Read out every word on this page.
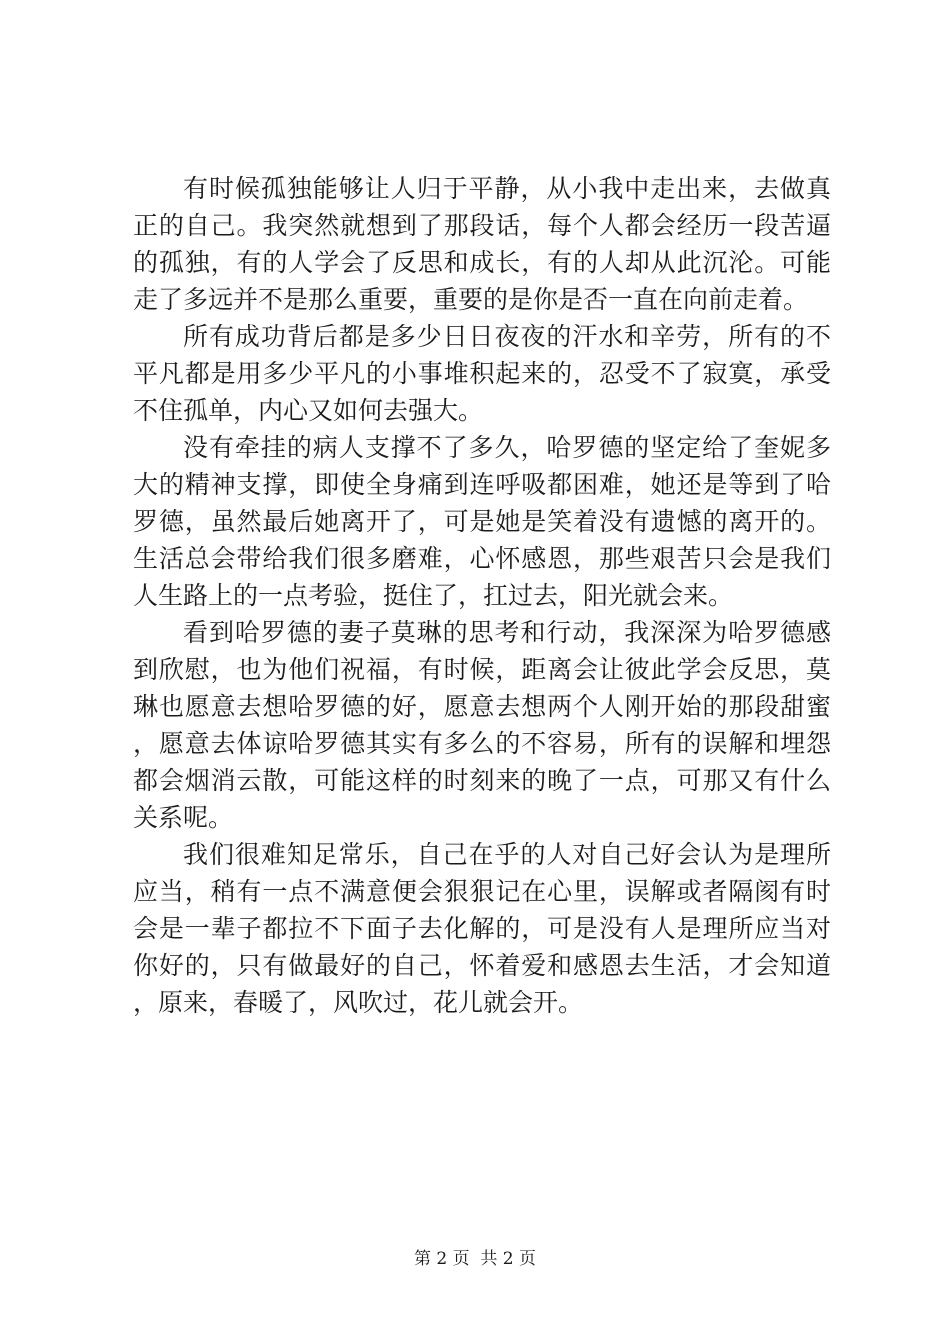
有时候孤独能够让人归于平静，从小我中走出来，去做真正的自己。我突然就想到了那段话，每个人都会经历一段苦逼的孤独，有的人学会了反思和成长，有的人却从此沉沦。可能走了多远并不是那么重要，重要的是你是否一直在向前走着。

所有成功背后都是多少日日夜夜的汗水和辛劳，所有的不平凡都是用多少平凡的小事堆积起来的，忍受不了寂寞，承受不住孤单，内心又如何去强大。

没有牵挂的病人支撑不了多久，哈罗德的坚定给了奎妮多大的精神支撑，即使全身痛到连呼吸都困难，她还是等到了哈罗德，虽然最后她离开了，可是她是笑着没有遗憾的离开的。生活总会带给我们很多磨难，心怀感恩，那些艰苦只会是我们人生路上的一点考验，挺住了，扛过去，阳光就会来。

看到哈罗德的妻子莫琳的思考和行动，我深深为哈罗德感到欣慰，也为他们祝福，有时候，距离会让彼此学会反思，莫琳也愿意去想哈罗德的好，愿意去想两个人刚开始的那段甜蜜，愿意去体谅哈罗德其实有多么的不容易，所有的误解和埋怨都会烟消云散，可能这样的时刻来的晚了一点，可那又有什么关系呢。

我们很难知足常乐，自己在乎的人对自己好会认为是理所应当，稍有一点不满意便会狠狠记在心里，误解或者隔阂有时会是一辈子都拉不下面子去化解的，可是没有人是理所应当对你好的，只有做最好的自己，怀着爱和感恩去生活，才会知道，原来，春暖了，风吹过，花儿就会开。

第 2 页  共 2 页
